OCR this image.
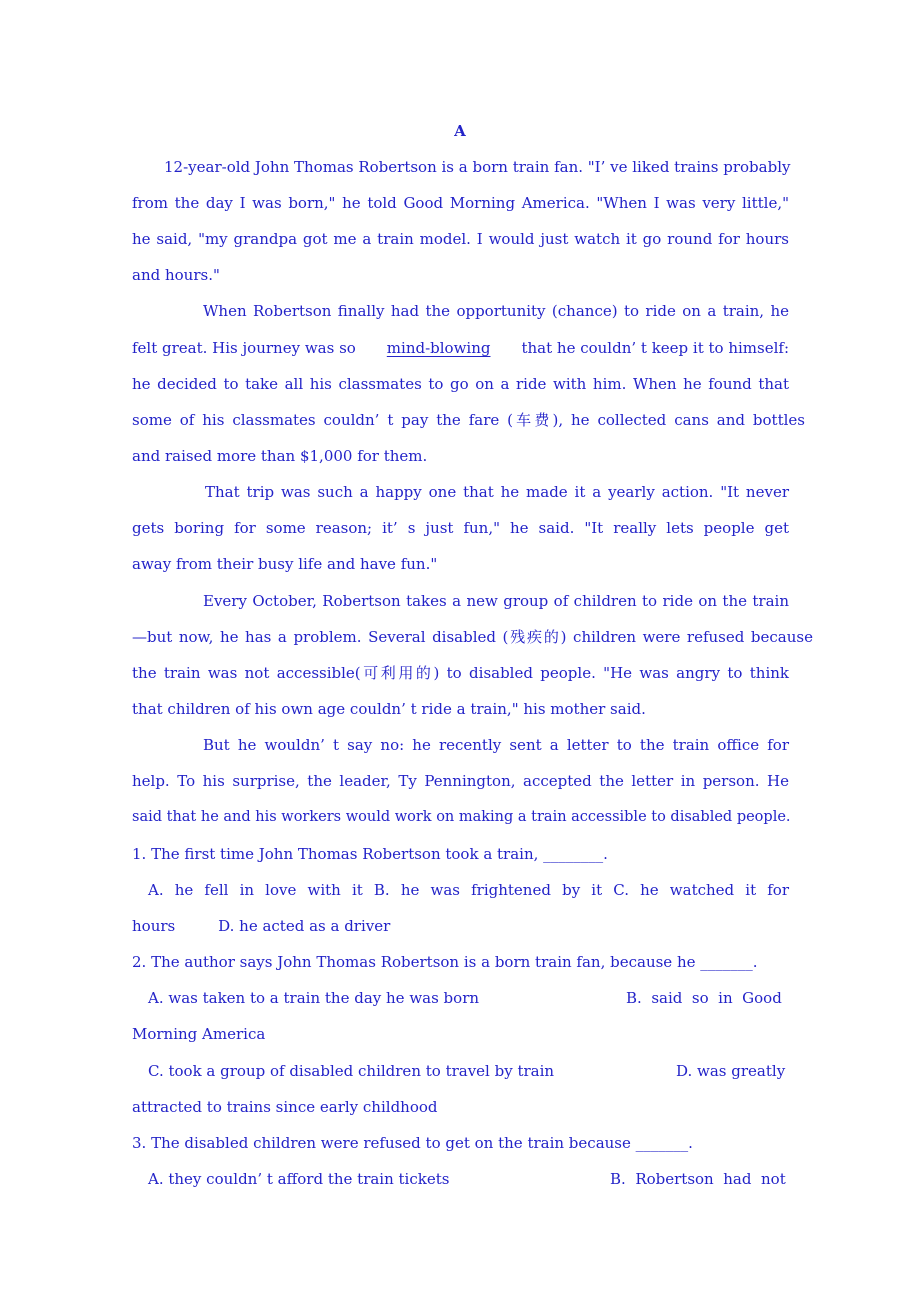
A
12-year-old John Thomas Robertson is a born train fan. "I’ ve liked trains probably
from the day I was born," he told Good Morning America. "When I was very little,"
he said, "my grandpa got me a train model. I would just watch it go round for hours
and hours."
When Robertson finally had the opportunity (chance) to ride on a train, he
felt great. His journey was so mind-blowing that he couldn’ t keep it to himself:
he decided to take all his classmates to go on a ride with him. When he found that
some of his classmates couldn’ t pay the fare (车费), he collected cans and bottles
and raised more than $1,000 for them.
That trip was such a happy one that he made it a yearly action. "It never
gets boring for some reason; it’ s just fun," he said. "It really lets people get
away from their busy life and have fun."
Every October, Robertson takes a new group of children to ride on the train
—but now, he has a problem. Several disabled (残疾的) children were refused because
the train was not accessible(可利用的) to disabled people. "He was angry to think
that children of his own age couldn’ t ride a train," his mother said.
But he wouldn’ t say no: he recently sent a letter to the train office for
help. To his surprise, the leader, Ty Pennington, accepted the letter in person. He
said that he and his workers would work on making a train accessible to disabled people.
1. The first time John Thomas Robertson took a train, ________.
A. he fell in love with it B. he was frightened by it C. he watched it for
hours         D. he acted as a driver
2. The author says John Thomas Robertson is a born train fan, because he _______.
A. was taken to a train the day he was born	B.  said  so  in  Good
Morning America
C. took a group of disabled children to travel by train	D. was greatly
attracted to trains since early childhood
3. The disabled children were refused to get on the train because _______.
A. they couldn’ t afford the train tickets	B.  Robertson  had  not
